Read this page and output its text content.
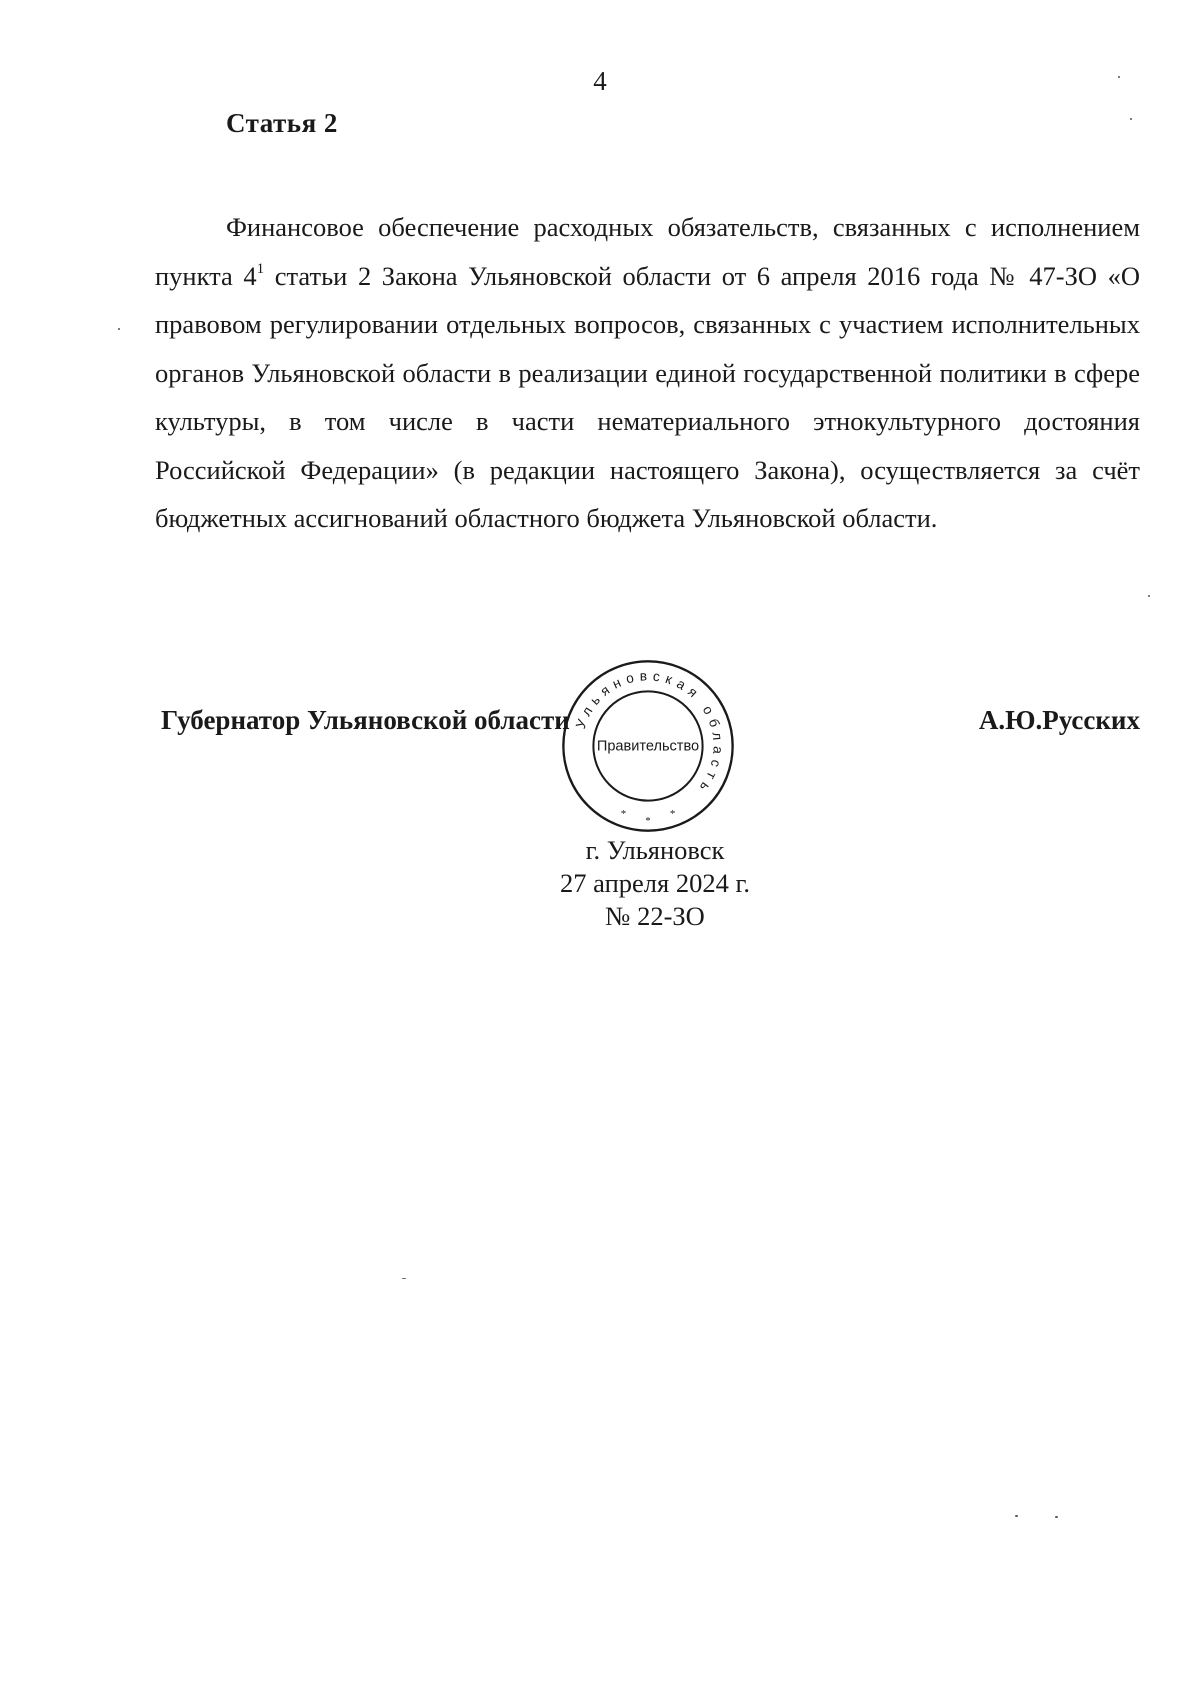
4
Статья 2
Финансовое обеспечение расходных обязательств, связанных с исполнением пункта $4^1$ статьи 2 Закона Ульяновской области от 6 апреля 2016 года № 47-ЗО «О правовом регулировании отдельных вопросов, связанных с участием исполнительных органов Ульяновской области в реализации единой государственной политики в сфере культуры, в том числе в части нематериального этнокультурного достояния Российской Федерации» (в редакции настоящего Закона), осуществляется за счёт бюджетных ассигнований областного бюджета Ульяновской области.
Губернатор Ульяновской области Ульяновская область
Правительство
*
*
*
А.Ю.Русских
г. Ульяновск
27 апреля 2024 г.
№ 22-ЗО
